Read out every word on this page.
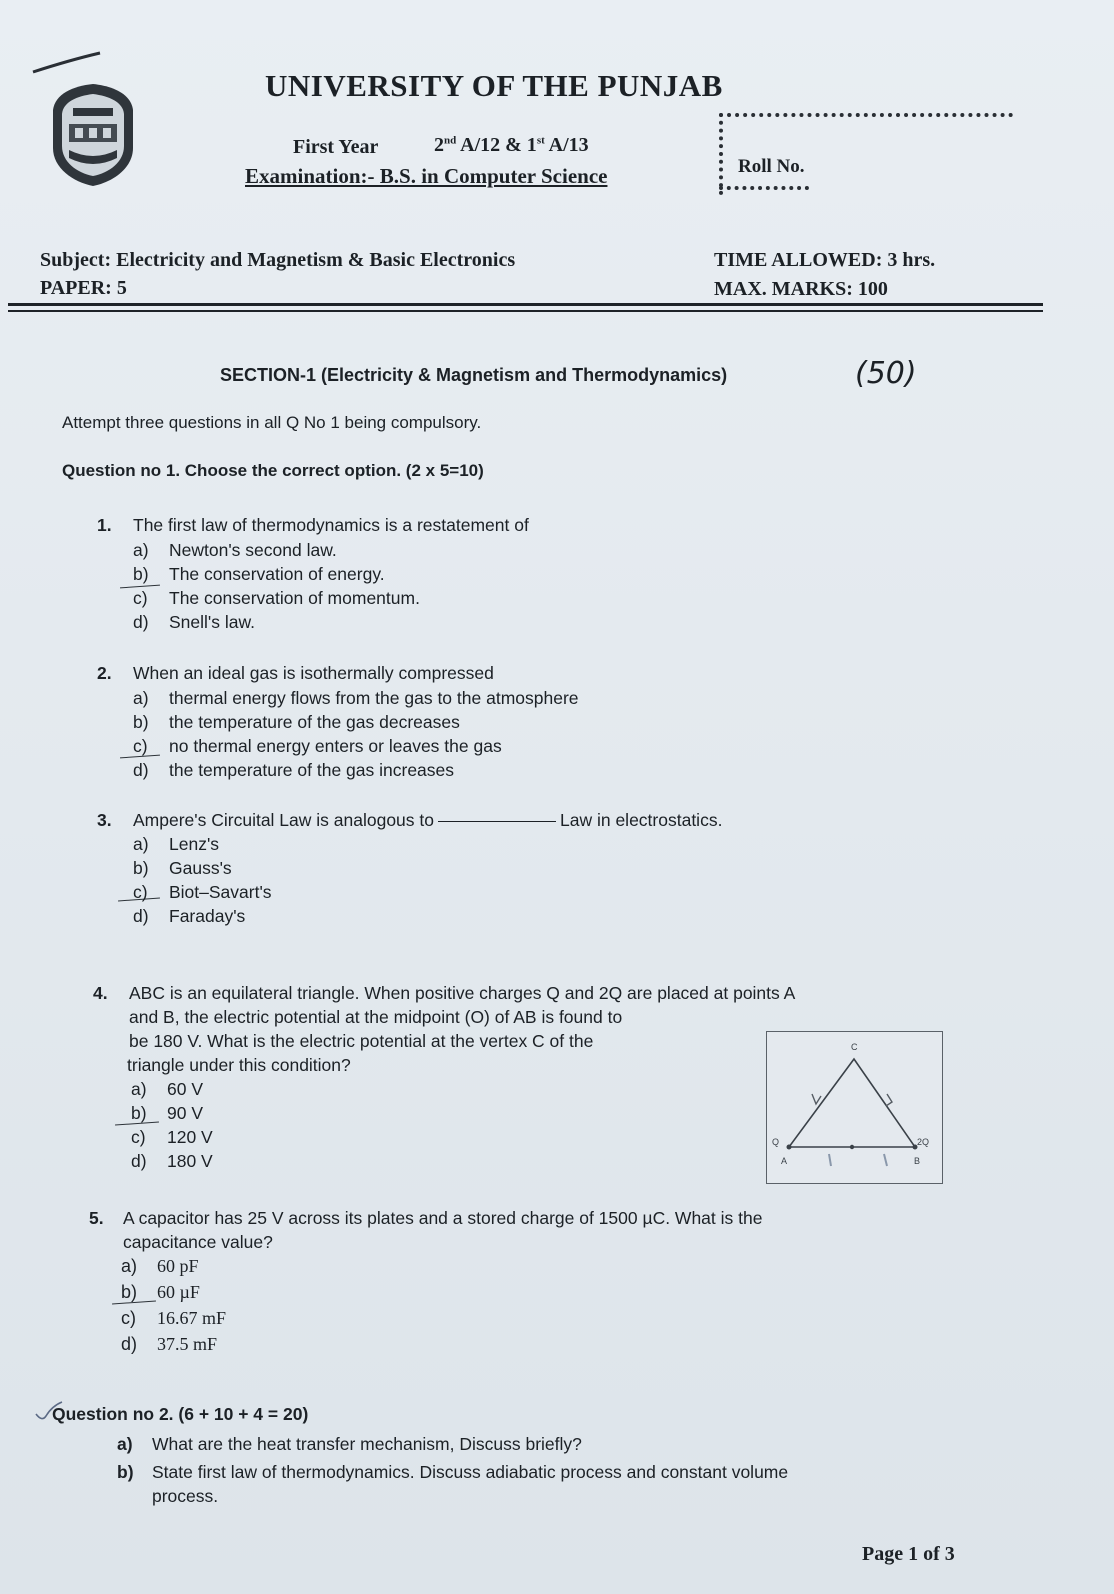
UNIVERSITY OF THE PUNJAB
First Year	2nd A/12 & 1st A/13
Examination:- B.S. in Computer Science	Roll No.
Subject: Electricity and Magnetism & Basic Electronics
PAPER: 5
TIME ALLOWED: 3 hrs.
MAX. MARKS: 100
SECTION-1 (Electricity & Magnetism and Thermodynamics)	(50)
Attempt three questions in all Q No 1 being compulsory.
Question no 1. Choose the correct option. (2 x 5=10)
1. The first law of thermodynamics is a restatement of
a) Newton's second law.
b) The conservation of energy.
c) The conservation of momentum.
d) Snell's law.
2. When an ideal gas is isothermally compressed
a) thermal energy flows from the gas to the atmosphere
b) the temperature of the gas decreases
c) no thermal energy enters or leaves the gas
d) the temperature of the gas increases
3. Ampere's Circuital Law is analogous to	Law in electrostatics.
a) Lenz's
b) Gauss's
c) Biot–Savart's
d) Faraday's
4. ABC is an equilateral triangle. When positive charges Q and 2Q are placed at points A
and B, the electric potential at the midpoint (O) of AB is found to
be 180 V. What is the electric potential at the vertex C of the
triangle under this condition?
a) 60 V
b) 90 V
c) 120 V
d) 180 V
C
Q
A
2Q
B
5. A capacitor has 25 V across its plates and a stored charge of 1500 µC. What is the
capacitance value?
a) 60 pF
b) 60 µF
c) 16.67 mF
d) 37.5 mF
Question no 2. (6 + 10 + 4 = 20)
a) What are the heat transfer mechanism, Discuss briefly?
b) State first law of thermodynamics. Discuss adiabatic process and constant volume
process.
Page 1 of 3
